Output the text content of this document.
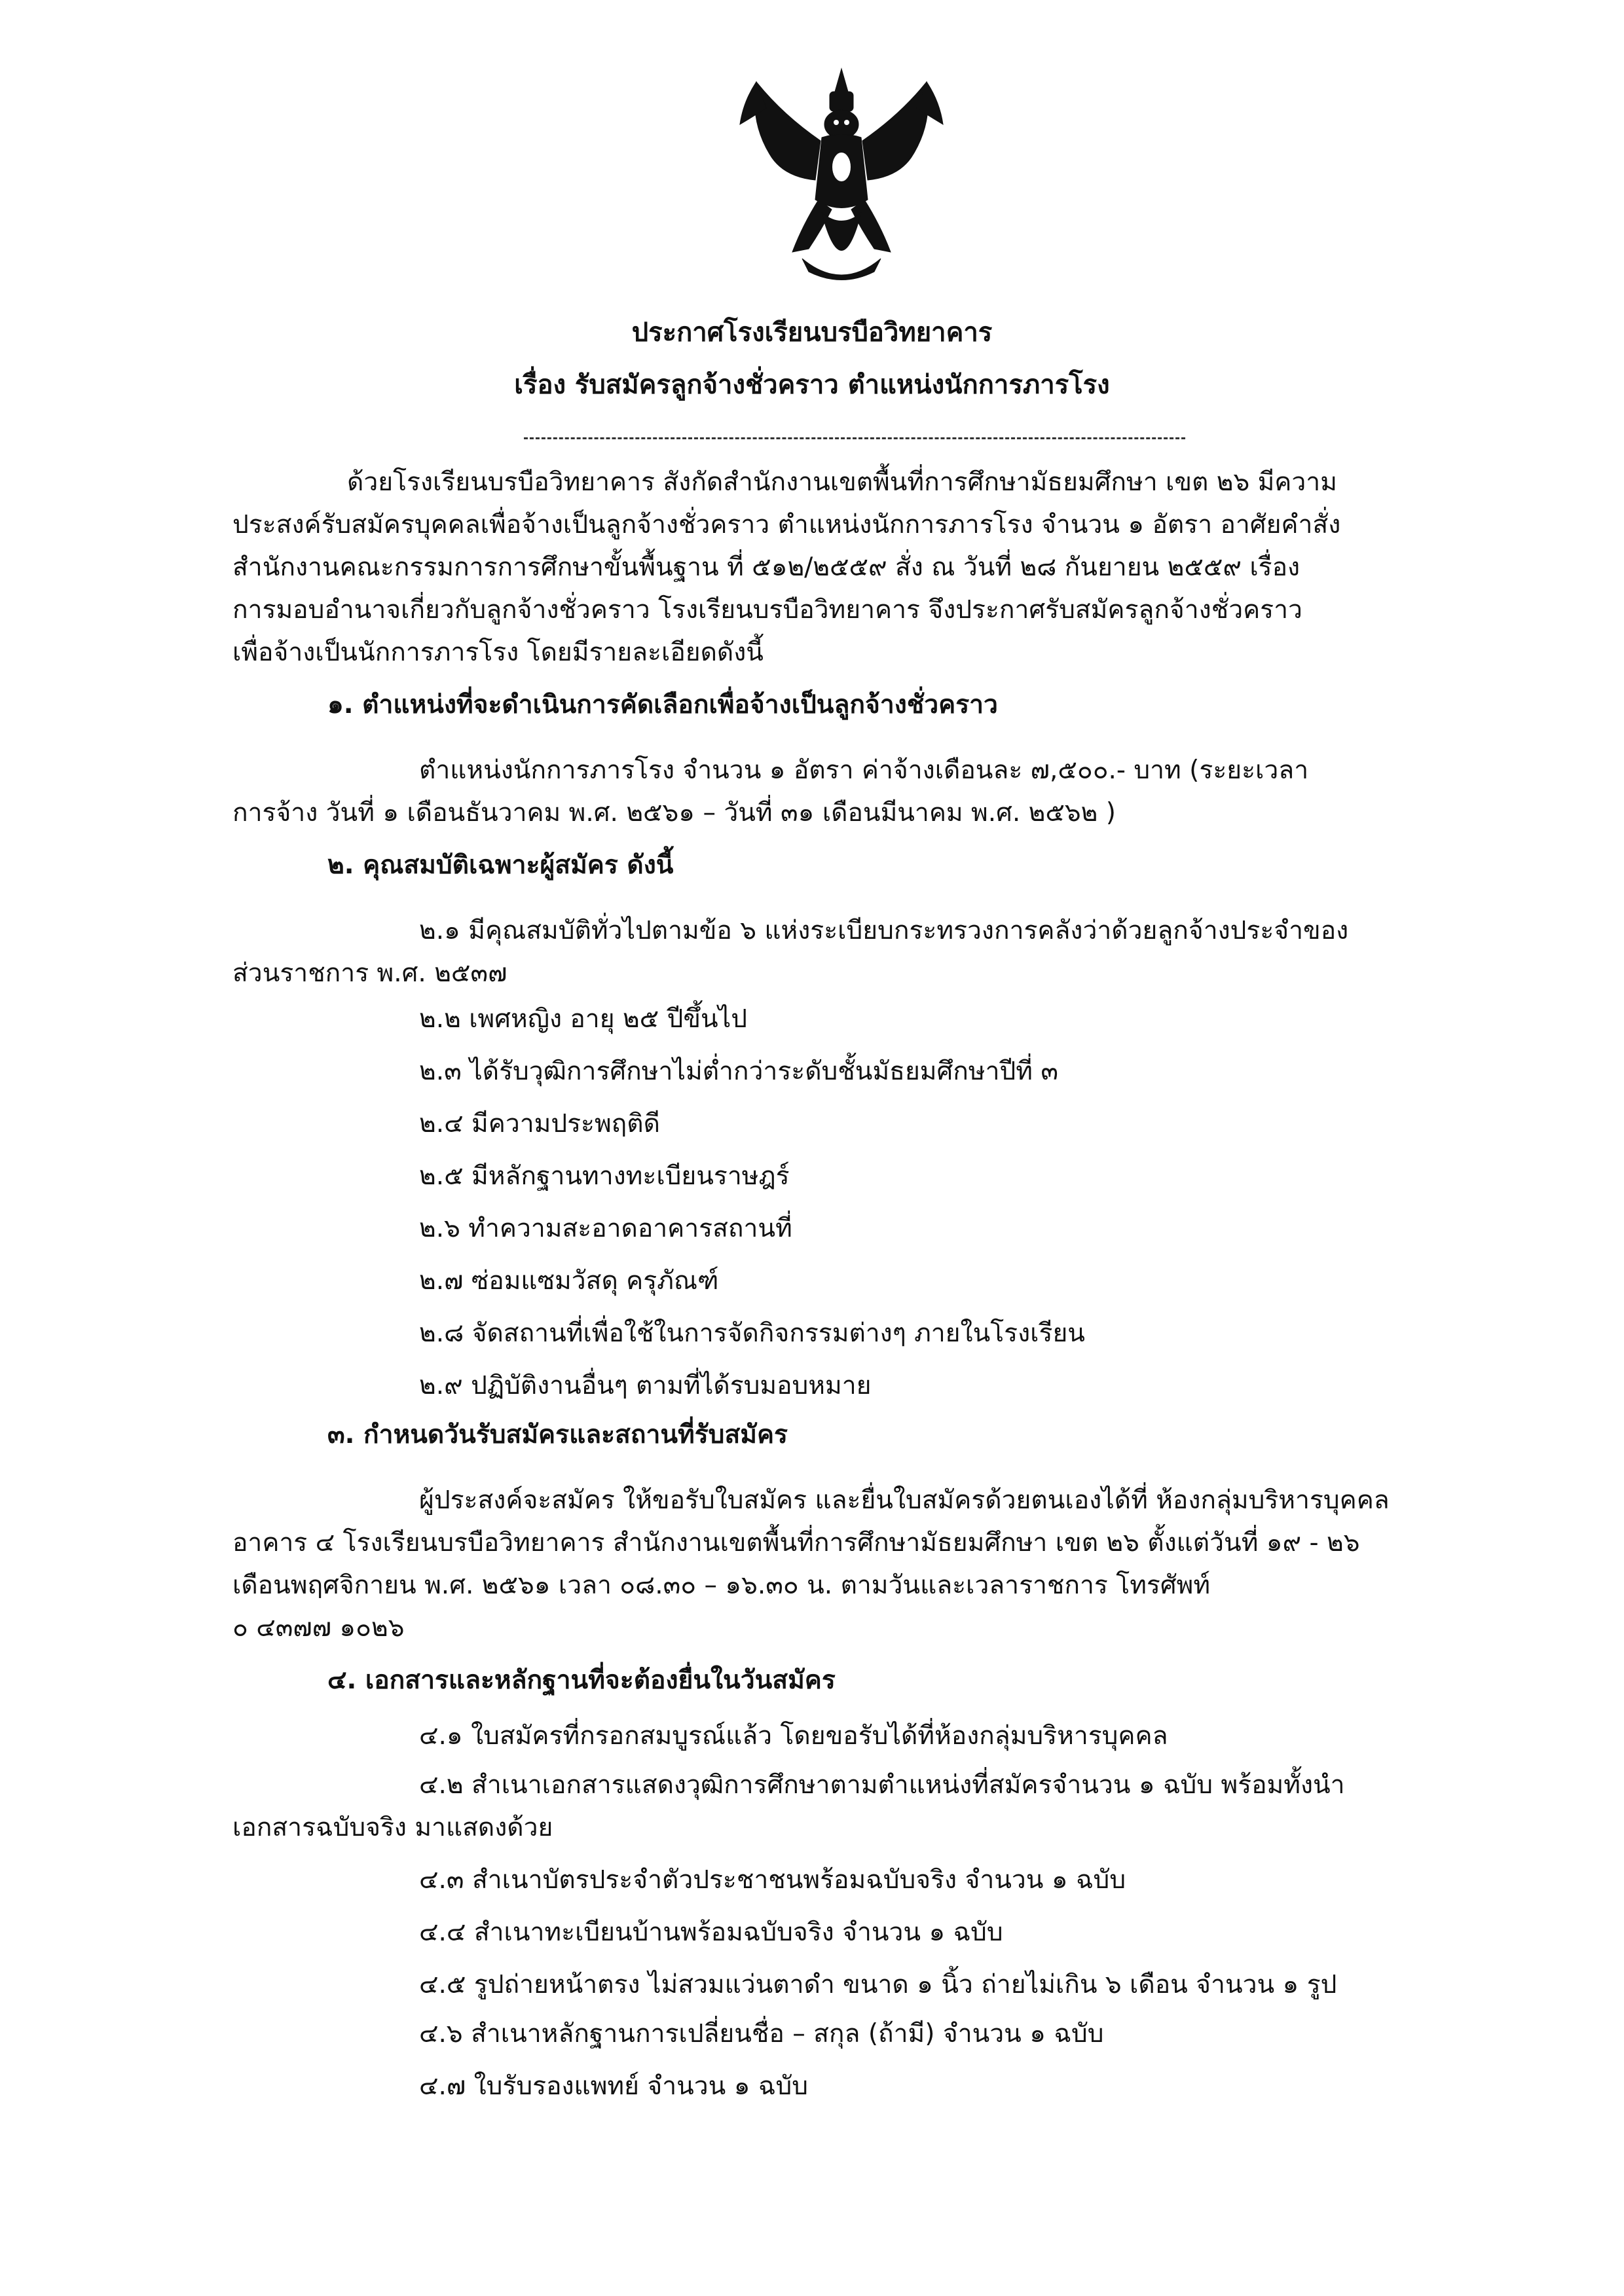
ประกาศโรงเรียนบรบือวิทยาคาร
เรื่อง รับสมัครลูกจ้างชั่วคราว ตำแหน่งนักการภารโรง
ด้วยโรงเรียนบรบือวิทยาคาร สังกัดสำนักงานเขตพื้นที่การศึกษามัธยมศึกษา เขต ๒๖ มีความ
ประสงค์รับสมัครบุคคลเพื่อจ้างเป็นลูกจ้างชั่วคราว ตำแหน่งนักการภารโรง จำนวน ๑ อัตรา อาศัยคำสั่ง
สำนักงานคณะกรรมการการศึกษาขั้นพื้นฐาน ที่ ๕๑๒/๒๕๕๙ สั่ง ณ วันที่ ๒๘ กันยายน ๒๕๕๙ เรื่อง
การมอบอำนาจเกี่ยวกับลูกจ้างชั่วคราว โรงเรียนบรบือวิทยาคาร จึงประกาศรับสมัครลูกจ้างชั่วคราว
เพื่อจ้างเป็นนักการภารโรง โดยมีรายละเอียดดังนี้
๑. ตำแหน่งที่จะดำเนินการคัดเลือกเพื่อจ้างเป็นลูกจ้างชั่วคราว
ตำแหน่งนักการภารโรง จำนวน ๑ อัตรา ค่าจ้างเดือนละ ๗,๕๐๐.- บาท (ระยะเวลา
การจ้าง วันที่ ๑ เดือนธันวาคม พ.ศ. ๒๕๖๑ – วันที่ ๓๑ เดือนมีนาคม พ.ศ. ๒๕๖๒ )
๒. คุณสมบัติเฉพาะผู้สมัคร ดังนี้
๒.๑ มีคุณสมบัติทั่วไปตามข้อ ๖ แห่งระเบียบกระทรวงการคลังว่าด้วยลูกจ้างประจำของ
ส่วนราชการ พ.ศ. ๒๕๓๗
๒.๒ เพศหญิง อายุ ๒๕ ปีขึ้นไป
๒.๓ ได้รับวุฒิการศึกษาไม่ต่ำกว่าระดับชั้นมัธยมศึกษาปีที่ ๓
๒.๔ มีความประพฤติดี
๒.๕ มีหลักฐานทางทะเบียนราษฎร์
๒.๖ ทำความสะอาดอาคารสถานที่
๒.๗ ซ่อมแซมวัสดุ ครุภัณฑ์
๒.๘ จัดสถานที่เพื่อใช้ในการจัดกิจกรรมต่างๆ ภายในโรงเรียน
๒.๙ ปฏิบัติงานอื่นๆ ตามที่ได้รบมอบหมาย
๓. กำหนดวันรับสมัครและสถานที่รับสมัคร
ผู้ประสงค์จะสมัคร ให้ขอรับใบสมัคร และยื่นใบสมัครด้วยตนเองได้ที่ ห้องกลุ่มบริหารบุคคล
อาคาร ๔ โรงเรียนบรบือวิทยาคาร สำนักงานเขตพื้นที่การศึกษามัธยมศึกษา เขต ๒๖ ตั้งแต่วันที่ ๑๙ - ๒๖
เดือนพฤศจิกายน พ.ศ. ๒๕๖๑ เวลา ๐๘.๓๐ – ๑๖.๓๐ น. ตามวันและเวลาราชการ โทรศัพท์
๐ ๔๓๗๗ ๑๐๒๖
๔. เอกสารและหลักฐานที่จะต้องยื่นในวันสมัคร
๔.๑ ใบสมัครที่กรอกสมบูรณ์แล้ว โดยขอรับได้ที่ห้องกลุ่มบริหารบุคคล
๔.๒ สำเนาเอกสารแสดงวุฒิการศึกษาตามตำแหน่งที่สมัครจำนวน ๑ ฉบับ พร้อมทั้งนำ
เอกสารฉบับจริง มาแสดงด้วย
๔.๓ สำเนาบัตรประจำตัวประชาชนพร้อมฉบับจริง จำนวน ๑ ฉบับ
๔.๔ สำเนาทะเบียนบ้านพร้อมฉบับจริง จำนวน ๑ ฉบับ
๔.๕ รูปถ่ายหน้าตรง ไม่สวมแว่นตาดำ ขนาด ๑ นิ้ว ถ่ายไม่เกิน ๖ เดือน จำนวน ๑ รูป
๔.๖ สำเนาหลักฐานการเปลี่ยนชื่อ – สกุล (ถ้ามี) จำนวน ๑ ฉบับ
๔.๗ ใบรับรองแพทย์ จำนวน ๑ ฉบับ
